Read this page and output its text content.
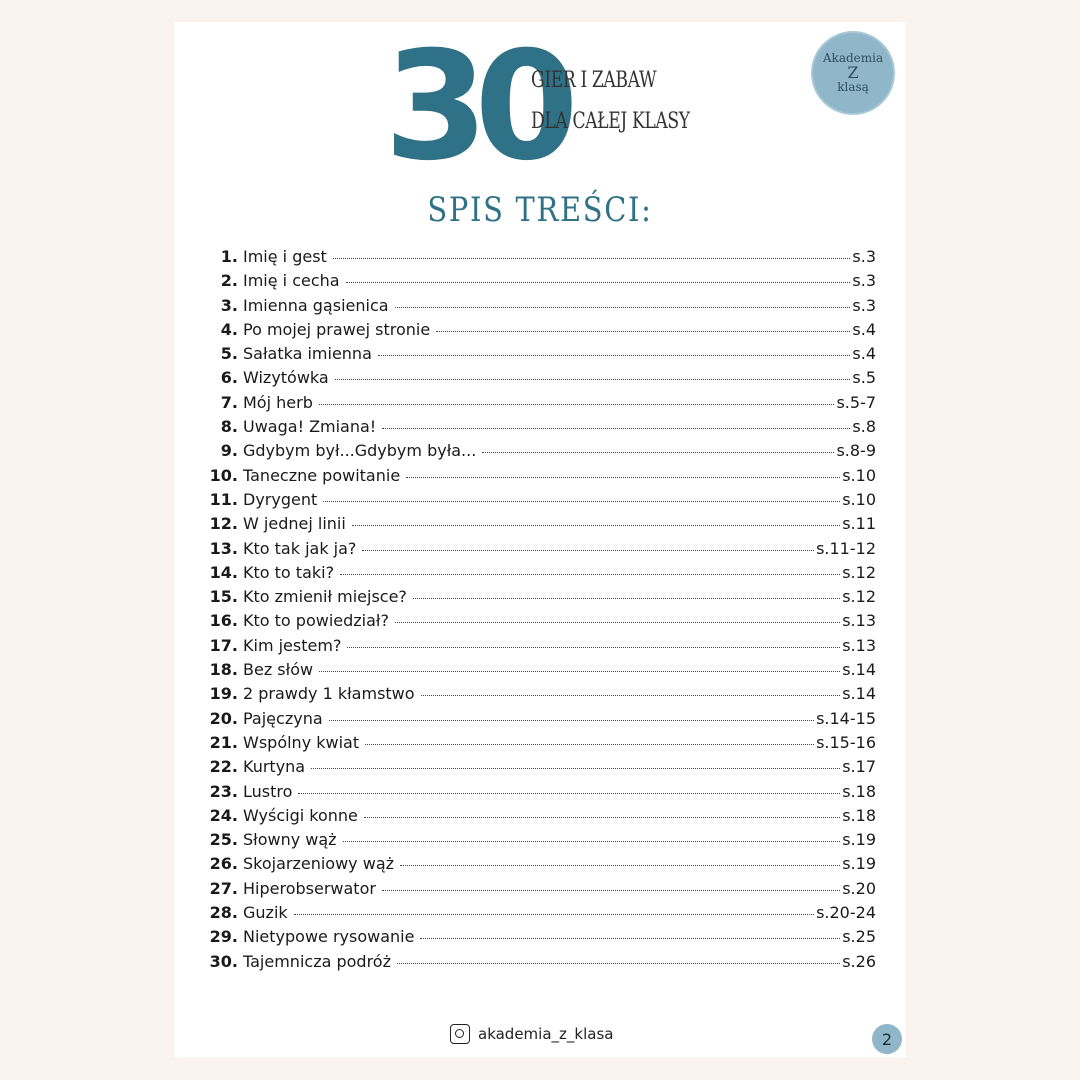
30
GIER I ZABAW
DLA CAŁEJ KLASY
Akademia
Z
klasą
SPIS TREŚCI:
1. Imię i gest	s.3
2. Imię i cecha	s.3
3. Imienna gąsienica	s.3
4. Po mojej prawej stronie	s.4
5. Sałatka imienna	s.4
6. Wizytówka	s.5
7. Mój herb	s.5-7
8. Uwaga! Zmiana!	s.8
9. Gdybym był...Gdybym była...	s.8-9
10. Taneczne powitanie	s.10
11. Dyrygent	s.10
12. W jednej linii	s.11
13. Kto tak jak ja?	s.11-12
14. Kto to taki?	s.12
15. Kto zmienił miejsce?	s.12
16. Kto to powiedział?	s.13
17. Kim jestem?	s.13
18. Bez słów	s.14
19. 2 prawdy 1 kłamstwo	s.14
20. Pajęczyna	s.14-15
21. Wspólny kwiat	s.15-16
22. Kurtyna	s.17
23. Lustro	s.18
24. Wyścigi konne	s.18
25. Słowny wąż	s.19
26. Skojarzeniowy wąż	s.19
27. Hiperobserwator	s.20
28. Guzik	s.20-24
29. Nietypowe rysowanie	s.25
30. Tajemnicza podróż	s.26
akademia_z_klasa	2
